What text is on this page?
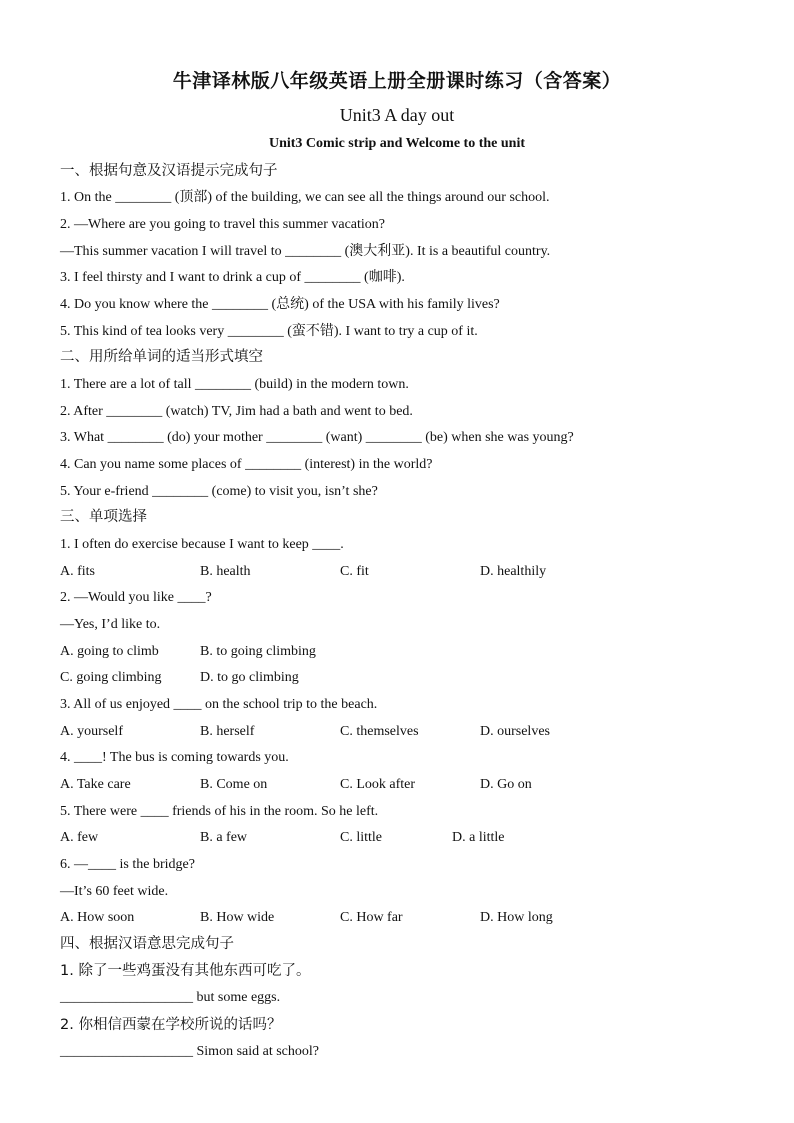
牛津译林版八年级英语上册全册课时练习（含答案）
Unit3 A day out
Unit3 Comic strip and Welcome to the unit
一、根据句意及汉语提示完成句子
1. On the ________ (顶部) of the building, we can see all the things around our school.
2. —Where are you going to travel this summer vacation?
—This summer vacation I will travel to ________ (澳大利亚). It is a beautiful country.
3. I feel thirsty and I want to drink a cup of ________ (咖啡).
4. Do you know where the ________ (总统) of the USA with his family lives?
5. This kind of tea looks very ________ (蛮不错). I want to try a cup of it.
二、用所给单词的适当形式填空
1. There are a lot of tall ________ (build) in the modern town.
2. After ________ (watch) TV, Jim had a bath and went to bed.
3. What ________ (do) your mother ________ (want) ________ (be) when she was young?
4. Can you name some places of ________ (interest) in the world?
5. Your e-friend ________ (come) to visit you, isn’t she?
三、单项选择
1. I often do exercise because I want to keep ____.
A. fits	B. health	C. fit	D. healthily
2. —Would you like ____?
—Yes, I’d like to.
A. going to climb	B. to going climbing
C. going climbing	D. to go climbing
3. All of us enjoyed ____ on the school trip to the beach.
A. yourself	B. herself	C. themselves	D. ourselves
4. ____! The bus is coming towards you.
A. Take care	B. Come on	C. Look after	D. Go on
5. There were ____ friends of his in the room. So he left.
A. few	B. a few	C. little	D. a little
6. —____ is the bridge?
—It’s 60 feet wide.
A. How soon	B. How wide	C. How far	D. How long
四、根据汉语意思完成句子
1. 除了一些鸡蛋没有其他东西可吃了。
___________________ but some eggs.
2. 你相信西蒙在学校所说的话吗？
___________________ Simon said at school?
